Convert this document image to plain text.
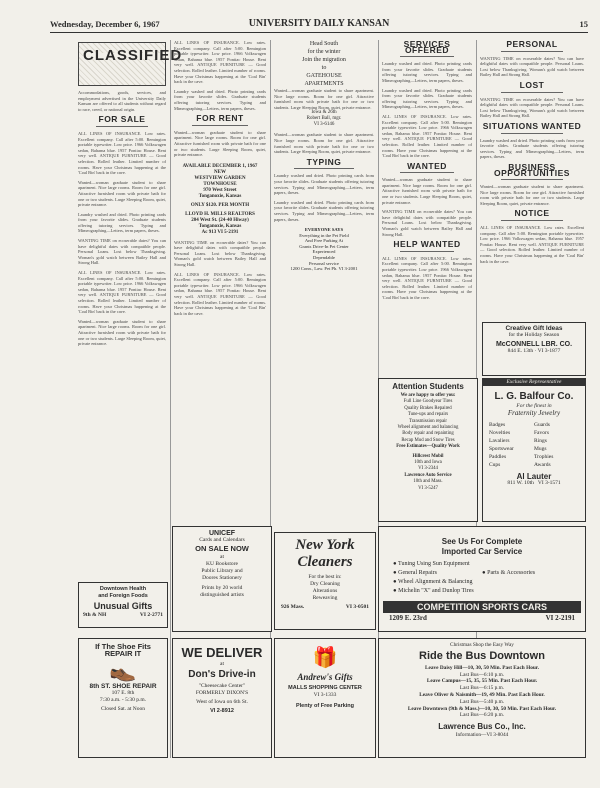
Wednesday, December 6, 1967	UNIVERSITY DAILY KANSAN	15
CLASSIFIED
Accommodations, goods, services, and employment advertised in the University Daily Kansan are offered to all students without regard to race, creed, or national origin.
FOR SALE
ALL LINES OF INSURANCE. Low rates. Excellent company. Call after 5:00. Remington portable typewriter. Low price. 1966 Volkswagen sedan, Bahama blue. 1957 Pontiac House. Rent very well. ANTIQUE FURNITURE — Good selection. Rolled leather. Limited number of rooms. Have your Christmas happening at the 'Coal Bin' back in the cave.
Wanted—woman graduate student to share apartment. Nice large rooms. Room for one girl. Attractive furnished room with private bath for one or two students. Large Sleeping Room, quiet, private entrance.
Laundry washed and dried. Photo printing cards from your favorite slides. Graduate students offering tutoring services. Typing and Mimeographing—Letters, term papers, theses.
WANTING TIME on ecoserable dates? You can have delightful dates with compatible people. Personal Loans. Lost below Thanksgiving. Woman's gold watch between Bailey Hall and Strong Hall.
ALL LINES OF INSURANCE. Low rates. Excellent company. Call after 5:00. Remington portable typewriter. Low price. 1966 Volkswagen sedan, Bahama blue. 1957 Pontiac House. Rent very well. ANTIQUE FURNITURE — Good selection. Rolled leather. Limited number of rooms. Have your Christmas happening at the 'Coal Bin' back in the cave.
Wanted—woman graduate student to share apartment. Nice large rooms. Room for one girl. Attractive furnished room with private bath for one or two students. Large Sleeping Room, quiet, private entrance.
ALL LINES OF INSURANCE. Low rates. Excellent company. Call after 5:00. Remington portable typewriter. Low price. 1966 Volkswagen sedan, Bahama blue. 1957 Pontiac House. Rent very well. ANTIQUE FURNITURE — Good selection. Rolled leather. Limited number of rooms. Have your Christmas happening at the 'Coal Bin' back in the cave.
Laundry washed and dried. Photo printing cards from your favorite slides. Graduate students offering tutoring services. Typing and Mimeographing—Letters, term papers, theses.
FOR RENT
Wanted—woman graduate student to share apartment. Nice large rooms. Room for one girl. Attractive furnished room with private bath for one or two students. Large Sleeping Room, quiet, private entrance.
AVAILABLE DECEMBER 1, 1967
NEW
WESTVIEW GARDEN
TOWNHOUSE
970 West Street
Tonganoxie, Kansas
ONLY $120. PER MONTH
LLOYD H. MILLS REALTORS
204 West St. (24-40 Hiway)
Tonganoxie, Kansas
Ac 913 VI 5-2191
WANTING TIME on ecoserable dates? You can have delightful dates with compatible people. Personal Loans. Lost below Thanksgiving. Woman's gold watch between Bailey Hall and Strong Hall.
ALL LINES OF INSURANCE. Low rates. Excellent company. Call after 5:00. Remington portable typewriter. Low price. 1966 Volkswagen sedan, Bahama blue. 1957 Pontiac House. Rent very well. ANTIQUE FURNITURE — Good selection. Rolled leather. Limited number of rooms. Have your Christmas happening at the 'Coal Bin' back in the cave.
Head South
for the winter
Join the migration
to
GATEHOUSE
APARTMENTS
Wanted—woman graduate student to share apartment. Nice large rooms. Room for one girl. Attractive furnished room with private bath for one or two students. Large Sleeping Room, quiet, private entrance.
Iowa & 26th
Robert Ball, mgr.
VI 3-6146
Wanted—woman graduate student to share apartment. Nice large rooms. Room for one girl. Attractive furnished room with private bath for one or two students. Large Sleeping Room, quiet, private entrance.
TYPING
Laundry washed and dried. Photo printing cards from your favorite slides. Graduate students offering tutoring services. Typing and Mimeographing—Letters, term papers, theses.
Laundry washed and dried. Photo printing cards from your favorite slides. Graduate students offering tutoring services. Typing and Mimeographing—Letters, term papers, theses.
EVERYONE SAYS
Everything in the Pet Field
And Free Parking At
Grants Drive-In Pet Center
Experienced
Dependable
Personal service
1200 Conn., Law. Pet Ph. VI 3-2001
SERVICES OFFERED
Laundry washed and dried. Photo printing cards from your favorite slides. Graduate students offering tutoring services. Typing and Mimeographing—Letters, term papers, theses.
Laundry washed and dried. Photo printing cards from your favorite slides. Graduate students offering tutoring services. Typing and Mimeographing—Letters, term papers, theses.
ALL LINES OF INSURANCE. Low rates. Excellent company. Call after 5:00. Remington portable typewriter. Low price. 1966 Volkswagen sedan, Bahama blue. 1957 Pontiac House. Rent very well. ANTIQUE FURNITURE — Good selection. Rolled leather. Limited number of rooms. Have your Christmas happening at the 'Coal Bin' back in the cave.
WANTED
Wanted—woman graduate student to share apartment. Nice large rooms. Room for one girl. Attractive furnished room with private bath for one or two students. Large Sleeping Room, quiet, private entrance.
WANTING TIME on ecoserable dates? You can have delightful dates with compatible people. Personal Loans. Lost below Thanksgiving. Woman's gold watch between Bailey Hall and Strong Hall.
HELP WANTED
ALL LINES OF INSURANCE. Low rates. Excellent company. Call after 5:00. Remington portable typewriter. Low price. 1966 Volkswagen sedan, Bahama blue. 1957 Pontiac House. Rent very well. ANTIQUE FURNITURE — Good selection. Rolled leather. Limited number of rooms. Have your Christmas happening at the 'Coal Bin' back in the cave.
PERSONAL
WANTING TIME on ecoserable dates? You can have delightful dates with compatible people. Personal Loans. Lost below Thanksgiving. Woman's gold watch between Bailey Hall and Strong Hall.
LOST
WANTING TIME on ecoserable dates? You can have delightful dates with compatible people. Personal Loans. Lost below Thanksgiving. Woman's gold watch between Bailey Hall and Strong Hall.
SITUATIONS WANTED
Laundry washed and dried. Photo printing cards from your favorite slides. Graduate students offering tutoring services. Typing and Mimeographing—Letters, term papers, theses.
BUSINESS OPPORTUNITIES
Wanted—woman graduate student to share apartment. Nice large rooms. Room for one girl. Attractive furnished room with private bath for one or two students. Large Sleeping Room, quiet, private entrance.
NOTICE
ALL LINES OF INSURANCE. Low rates. Excellent company. Call after 5:00. Remington portable typewriter. Low price. 1966 Volkswagen sedan, Bahama blue. 1957 Pontiac House. Rent very well. ANTIQUE FURNITURE — Good selection. Rolled leather. Limited number of rooms. Have your Christmas happening at the 'Coal Bin' back in the cave.
Creative Gift Ideas
for the Holiday Season
McCONNELL LBR. CO.
844 E. 13th · VI 3-1877
Exclusive Representative
L. G. Balfour Co.
For the finest in
Fraternity Jewelry
Badges	Guards
Novelties	Favors
Lavaliers	Rings
Sportswear	Mugs
Paddles	Trophies
Cups	Awards
Al Lauter
811 W. 10th VI 3-1571
Attention Students
We are happy to offer you:
Full Line Goodyear Tires
Quality Brakes Repaired
Tune-ups and repairs
Transmission repair
Wheel alignment and balancing
Body repair and repainting
Recap Mud and Snow Tires
Free Estimates—Quality Work
Hillcrest Mobil
10th and Iowa
VI 3-2344
Lawrence Auto Service
10th and Mass.
VI 3-5247
UNICEF
Cards and Calendars
ON SALE NOW
at
KU Bookstore
Public Library and
Doores Stationery
Prints by 20 world
distinguished artists
New York
Cleaners
For the best in:
Dry Cleaning
Alterations
Reweaving
926 Mass.	VI 3-0501
See Us For Complete
Imported Car Service
● Tuning Using Sun Equipment
● General Repairs	● Parts & Accessories
● Wheel Alignment & Balancing
● Michelin "X" and Dunlop Tires
COMPETITION SPORTS CARS
1209 E. 23rd	VI 2-2191
Downtown Health
and Foreign Foods
Unusual Gifts
9th & NH	VI 2-2771
If The Shoe Fits
REPAIR IT
👞
8th ST. SHOE REPAIR
107 E. 8th
7:30 a.m. - 5:30 p.m.
Closed Sat. at Noon
WE DELIVER
at
Don's Drive-in
"Cheesecake Center"
FORMERLY DIXON'S
West of Iowa on 6th St.
VI 2-8912
🎁
Andrew's Gifts
MALLS SHOPPING CENTER
VI 3-1333
Plenty of Free Parking
Christmas Shop the Easy Way
Ride the Bus Downtown
Leave Daisy Hill—10, 30, 50 Min. Past Each Hour.
Last Bus—6:10 p.m.
Leave Campus—15, 35, 55 Min. Past Each Hour.
Last Bus—6:15 p.m.
Leave Oliver & Naismith—19, 49 Min. Past Each Hour.
Last Bus—5:40 p.m.
Leave Downtown (9th & Mass.)—10, 30, 50 Min. Past Each Hour.
Last Bus—6:20 p.m.
Lawrence Bus Co., Inc.
Information—VI 3-8044
